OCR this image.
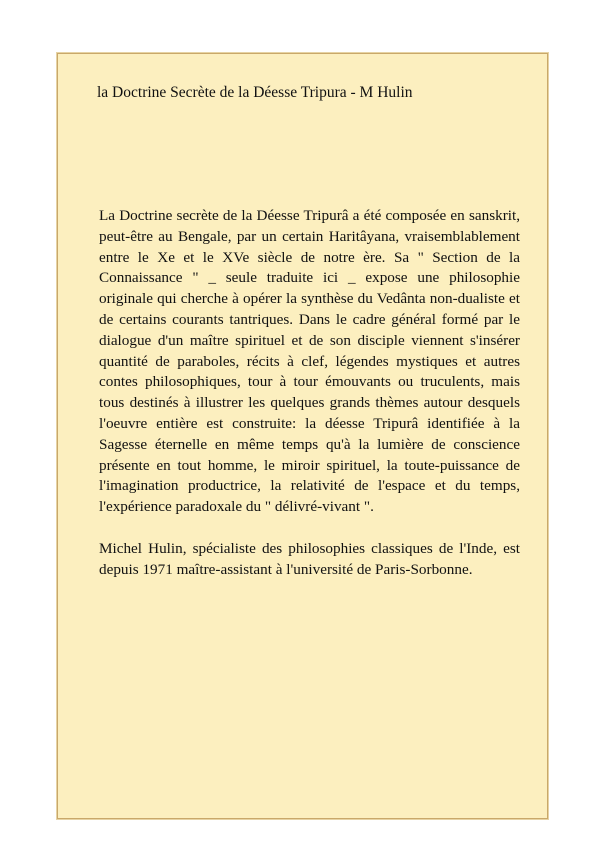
la Doctrine Secrète de la Déesse Tripura - M Hulin

La Doctrine secrète de la Déesse Tripurâ a été composée en sanskrit, peut-être au Bengale, par un certain Haritâyana, vraisemblablement entre le Xe et le XVe siècle de notre ère. Sa " Section de la Connaissance " _ seule traduite ici _ expose une philosophie originale qui cherche à opérer la synthèse du Vedânta non-dualiste et de certains courants tantriques. Dans le cadre général formé par le dialogue d'un maître spirituel et de son disciple viennent s'insérer quantité de paraboles, récits à clef, légendes mystiques et autres contes philosophiques, tour à tour émouvants ou truculents, mais tous destinés à illustrer les quelques grands thèmes autour desquels l'oeuvre entière est construite: la déesse Tripurâ identifiée à la Sagesse éternelle en même temps qu'à la lumière de conscience présente en tout homme, le miroir spirituel, la toute-puissance de l'imagination productrice, la relativité de l'espace et du temps, l'expérience paradoxale du " délivré-vivant ".

Michel Hulin, spécialiste des philosophies classiques de l'Inde, est depuis 1971 maître-assistant à l'université de Paris-Sorbonne.
